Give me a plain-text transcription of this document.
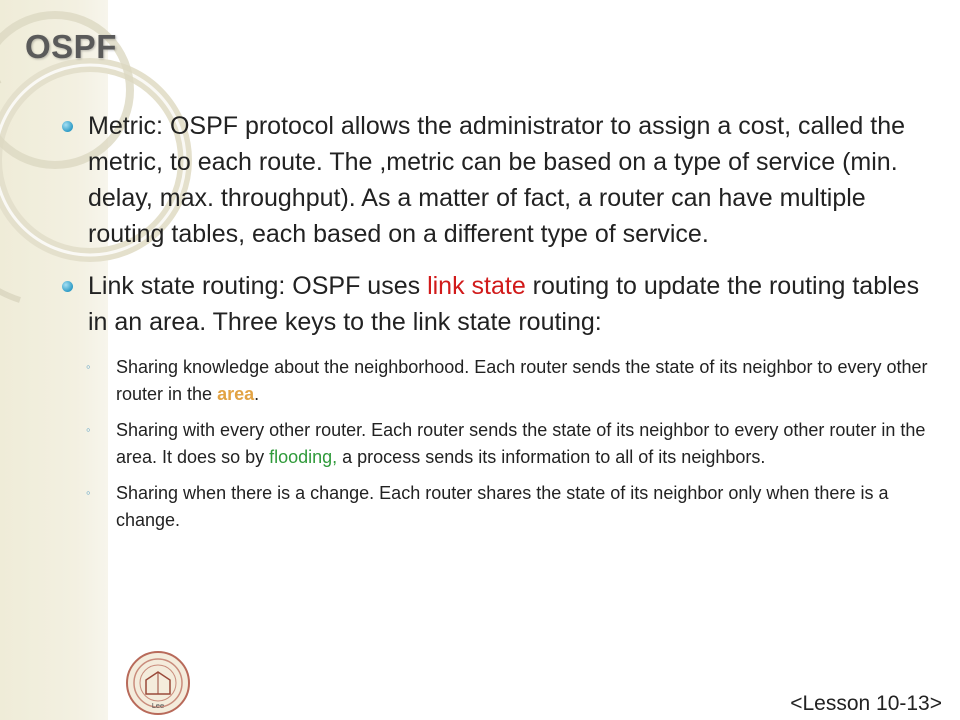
OSPF
Metric: OSPF protocol allows the administrator to assign a cost, called the metric, to each route. The ,metric can be based on a type of service (min. delay, max. throughput). As a matter of fact, a router can have multiple routing tables, each based on a different type of service.
Link state routing: OSPF uses link state routing to update the routing tables in an area. Three keys to the link state routing:
◦ Sharing knowledge about the neighborhood. Each router sends the state of its neighbor to every other router in the area.
◦ Sharing with every other router. Each router sends the state of its neighbor to every other router in the area. It does so by flooding, a process sends its information to all of its neighbors.
◦ Sharing when there is a change. Each router shares the state of its neighbor only when there is a change.
Lee	<Lesson 10-13>
